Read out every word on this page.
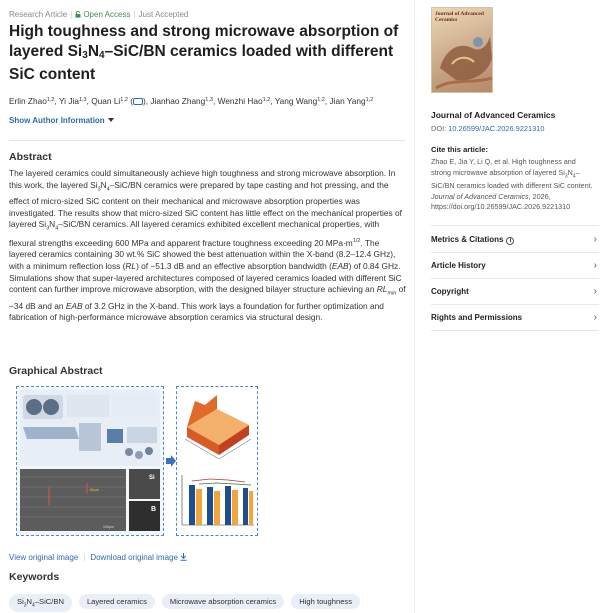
Research Article | Open Access | Just Accepted
High toughness and strong microwave absorption of layered $Si_3N_4-SiC/BN$ ceramics loaded with different SiC content
Erlin Zhao$^{1,2}$, Yi Jia$^{1,3}$, Quan Li$^{1,2}$ ( ), Jianhao Zhang$^{1,3}$, Wenzhi Hao$^{1,2}$, Yang Wang$^{1,2}$, Jian Yang$^{1,2}$
Show Author Information
Abstract

The layered ceramics could simultaneously achieve high toughness and strong microwave absorption. In this work, the layered $Si_3N_4-SiC/BN$ ceramics were prepared by tape casting and hot pressing, and the effect of micro-sized SiC content on their mechanical and microwave absorption properties was investigated. The results show that micro-sized SiC content has little effect on the mechanical properties of layered $Si_3N_4-SiC/BN$ ceramics. All layered ceramics exhibited excellent mechanical properties, with flexural strengths exceeding 600 MPa and apparent fracture toughness exceeding 20 $MPa\cdot m^{1/2}$. The layered ceramics containing 30 wt.% SiC showed the best attenuation within the X-band (8.2–12.4 GHz), with a minimum reflection loss (RL) of −51.3 dB and an effective absorption bandwidth (EAB) of 0.84 GHz. Simulations show that super-layered architectures composed of layered ceramics loaded with different SiC content can further improve microwave absorption, with the designed bilayer structure achieving an $RL_{min}$ of −34 dB and an EAB of 3.2 GHz in the X-band. This work lays a foundation for further optimization and fabrication of high-performance microwave absorption ceramics via structural design.

Graphical Abstract
16μm
Si
B
100μm
View original image | Download original image
Keywords
$Si_3N_4-SiC/BN$	Layered ceramics	Microwave absorption ceramics	High toughness
Journal of Advanced Ceramics
Journal of Advanced Ceramics
DOI: 10.26599/JAC.2026.9221310
Cite this article:

Zhao E, Jia Y, Li Q, et al. High toughness and strong microwave absorption of layered $Si_3N_4-SiC/BN$ ceramics loaded with different SiC content. Journal of Advanced Ceramics, 2026, https://doi.org/10.26599/JAC.2026.9221310

Metrics & Citations i	›
Article History	›
Copyright	›
Rights and Permissions	›
